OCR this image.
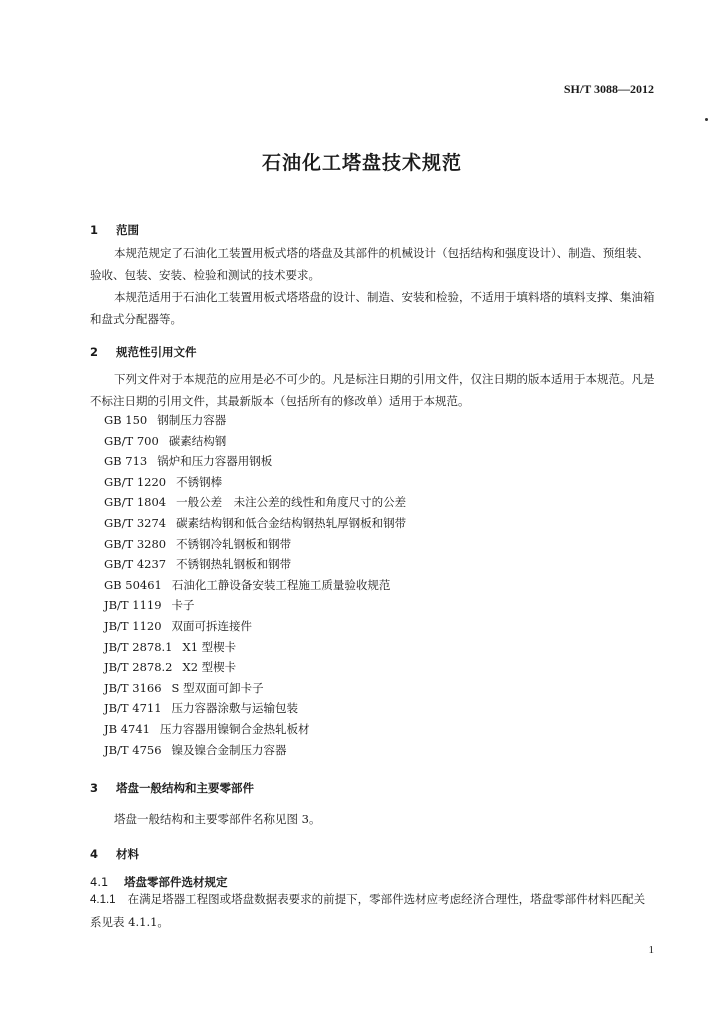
SH/T 3088—2012
石油化工塔盘技术规范
1 范围
本规范规定了石油化工装置用板式塔的塔盘及其部件的机械设计（包括结构和强度设计）、制造、预组装、验收、包装、安装、检验和测试的技术要求。
本规范适用于石油化工装置用板式塔塔盘的设计、制造、安装和检验，不适用于填料塔的填料支撑、集油箱和盘式分配器等。
2 规范性引用文件
下列文件对于本规范的应用是必不可少的。凡是标注日期的引用文件，仅注日期的版本适用于本规范。凡是不标注日期的引用文件，其最新版本（包括所有的修改单）适用于本规范。
GB 150 钢制压力容器
GB/T 700 碳素结构钢
GB 713 锅炉和压力容器用钢板
GB/T 1220 不锈钢棒
GB/T 1804 一般公差　未注公差的线性和角度尺寸的公差
GB/T 3274 碳素结构钢和低合金结构钢热轧厚钢板和钢带
GB/T 3280 不锈钢冷轧钢板和钢带
GB/T 4237 不锈钢热轧钢板和钢带
GB 50461 石油化工静设备安装工程施工质量验收规范
JB/T 1119 卡子
JB/T 1120 双面可拆连接件
JB/T 2878.1 X1 型楔卡
JB/T 2878.2 X2 型楔卡
JB/T 3166 S 型双面可卸卡子
JB/T 4711 压力容器涂敷与运输包装
JB 4741 压力容器用镍铜合金热轧板材
JB/T 4756 镍及镍合金制压力容器
3 塔盘一般结构和主要零部件
塔盘一般结构和主要零部件名称见图 3。
4 材料
4.1 塔盘零部件选材规定
4.1.1 在满足塔器工程图或塔盘数据表要求的前提下，零部件选材应考虑经济合理性，塔盘零部件材料匹配关系见表 4.1.1。
1
